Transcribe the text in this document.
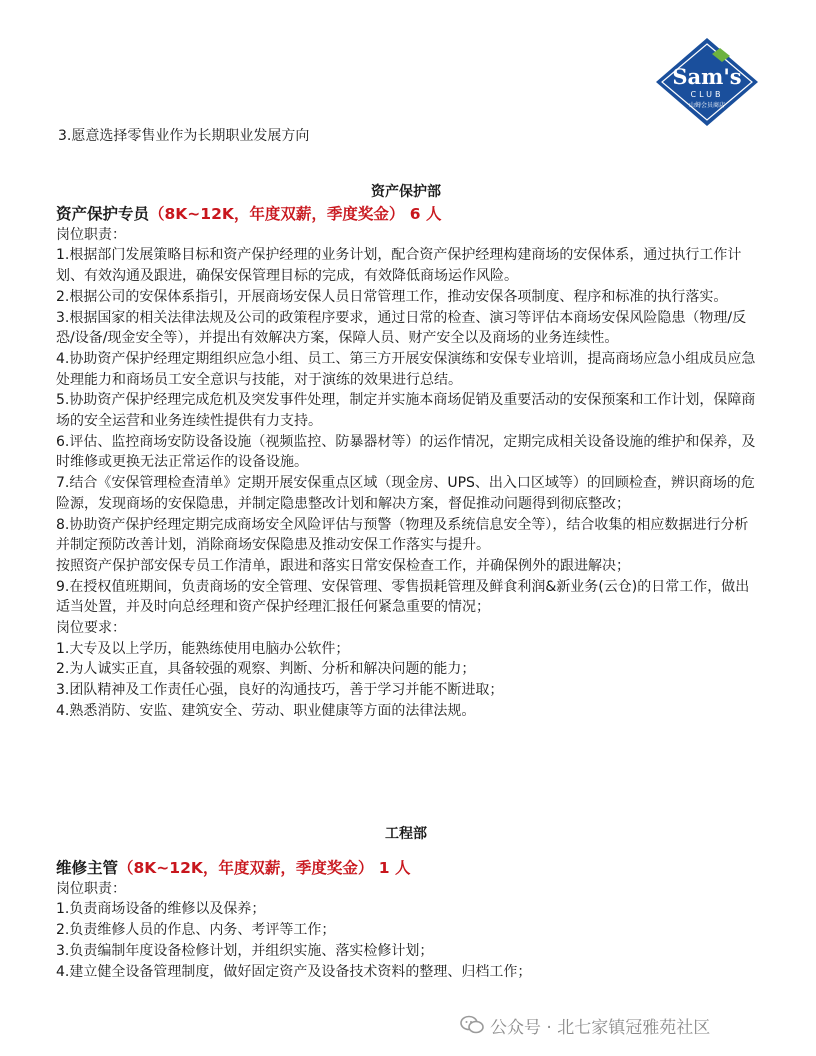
Sam's
CLUB
山姆会员商店
3.愿意选择零售业作为长期职业发展方向
资产保护部
资产保护专员（8K~12K，年度双薪，季度奖金） 6 人
岗位职责：
1.根据部门发展策略目标和资产保护经理的业务计划，配合资产保护经理构建商场的安保体系，通过执行工作计划、有效沟通及跟进，确保安保管理目标的完成，有效降低商场运作风险。
2.根据公司的安保体系指引，开展商场安保人员日常管理工作，推动安保各项制度、程序和标准的执行落实。
3.根据国家的相关法律法规及公司的政策程序要求，通过日常的检查、演习等评估本商场安保风险隐患（物理/反恐/设备/现金安全等），并提出有效解决方案，保障人员、财产安全以及商场的业务连续性。
4.协助资产保护经理定期组织应急小组、员工、第三方开展安保演练和安保专业培训，提高商场应急小组成员应急处理能力和商场员工安全意识与技能，对于演练的效果进行总结。
5.协助资产保护经理完成危机及突发事件处理，制定并实施本商场促销及重要活动的安保预案和工作计划，保障商场的安全运营和业务连续性提供有力支持。
6.评估、监控商场安防设备设施（视频监控、防暴器材等）的运作情况，定期完成相关设备设施的维护和保养，及时维修或更换无法正常运作的设备设施。
7.结合《安保管理检查清单》定期开展安保重点区域（现金房、UPS、出入口区域等）的回顾检查，辨识商场的危险源，发现商场的安保隐患，并制定隐患整改计划和解决方案，督促推动问题得到彻底整改；
8.协助资产保护经理定期完成商场安全风险评估与预警（物理及系统信息安全等），结合收集的相应数据进行分析并制定预防改善计划，消除商场安保隐患及推动安保工作落实与提升。
按照资产保护部安保专员工作清单，跟进和落实日常安保检查工作，并确保例外的跟进解决；
9.在授权值班期间，负责商场的安全管理、安保管理、零售损耗管理及鲜食利润&新业务(云仓)的日常工作，做出适当处置，并及时向总经理和资产保护经理汇报任何紧急重要的情况；
岗位要求：
1.大专及以上学历，能熟练使用电脑办公软件；
2.为人诚实正直，具备较强的观察、判断、分析和解决问题的能力；
3.团队精神及工作责任心强，良好的沟通技巧，善于学习并能不断进取；
4.熟悉消防、安监、建筑安全、劳动、职业健康等方面的法律法规。
工程部
维修主管（8K~12K，年度双薪，季度奖金） 1 人
岗位职责：
1.负责商场设备的维修以及保养；
2.负责维修人员的作息、内务、考评等工作；
3.负责编制年度设备检修计划，并组织实施、落实检修计划；
4.建立健全设备管理制度，做好固定资产及设备技术资料的整理、归档工作；
公众号 · 北七家镇冠雅苑社区
